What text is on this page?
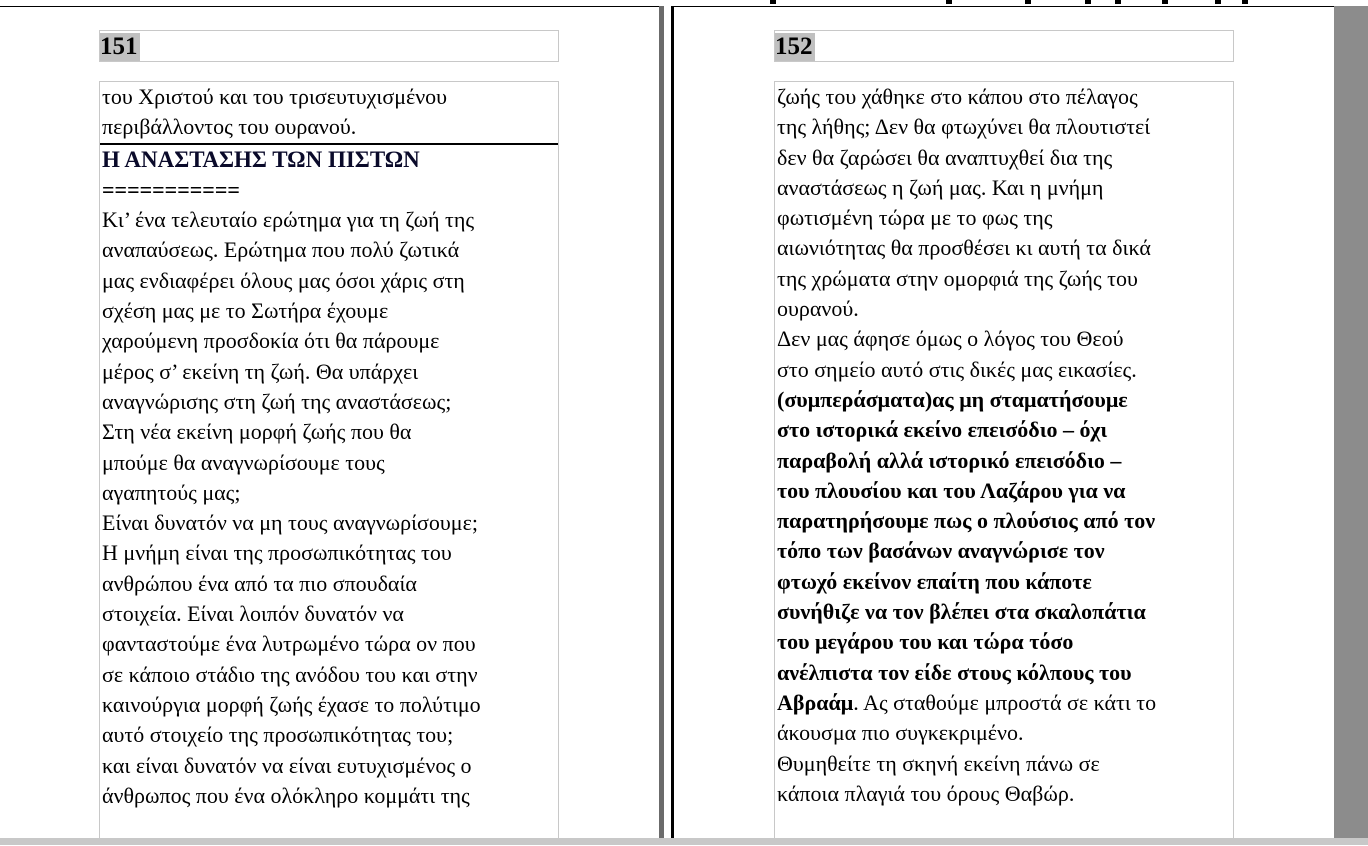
151
του Χριστού και του τρισευτυχισμένου
περιβάλλοντος του ουρανού.
Η ΑΝΑΣΤΑΣΗΣ ΤΩΝ ΠΙΣΤΩΝ
===========
Κι’ ένα τελευταίο ερώτημα για τη ζωή της
αναπαύσεως. Ερώτημα που πολύ ζωτικά
μας ενδιαφέρει όλους μας όσοι χάρις στη
σχέση μας με το Σωτήρα έχουμε
χαρούμενη προσδοκία ότι θα πάρουμε
μέρος σ’ εκείνη τη ζωή. Θα υπάρχει
αναγνώρισης στη ζωή της αναστάσεως;
Στη νέα εκείνη μορφή ζωής που θα
μπούμε θα αναγνωρίσουμε τους
αγαπητούς μας;
Είναι δυνατόν να μη τους αναγνωρίσουμε;
Η μνήμη είναι της προσωπικότητας του
ανθρώπου ένα από τα πιο σπουδαία
στοιχεία. Είναι λοιπόν δυνατόν να
φανταστούμε ένα λυτρωμένο τώρα ον που
σε κάποιο στάδιο της ανόδου του και στην
καινούργια μορφή ζωής έχασε το πολύτιμο
αυτό στοιχείο της προσωπικότητας του;
και είναι δυνατόν να είναι ευτυχισμένος ο
άνθρωπος που ένα ολόκληρο κομμάτι της
152
ζωής του χάθηκε στο κάπου στο πέλαγος
της λήθης; Δεν θα φτωχύνει θα πλουτιστεί
δεν θα ζαρώσει θα αναπτυχθεί δια της
αναστάσεως η ζωή μας. Και η μνήμη
φωτισμένη τώρα με το φως της
αιωνιότητας θα προσθέσει κι αυτή τα δικά
της χρώματα στην ομορφιά της ζωής του
ουρανού.
Δεν μας άφησε όμως ο λόγος του Θεού
στο σημείο αυτό στις δικές μας εικασίες.
(συμπεράσματα)ας μη σταματήσουμε
στο ιστορικά εκείνο επεισόδιο – όχι
παραβολή αλλά ιστορικό επεισόδιο –
του πλουσίου και του Λαζάρου για να
παρατηρήσουμε πως ο πλούσιος από τον
τόπο των βασάνων αναγνώρισε τον
φτωχό εκείνον επαίτη που κάποτε
συνήθιζε να τον βλέπει στα σκαλοπάτια
του μεγάρου του και τώρα τόσο
ανέλπιστα τον είδε στους κόλπους του
Αβραάμ. Ας σταθούμε μπροστά σε κάτι το
άκουσμα πιο συγκεκριμένο.
Θυμηθείτε τη σκηνή εκείνη πάνω σε
κάποια πλαγιά του όρους Θαβώρ.
